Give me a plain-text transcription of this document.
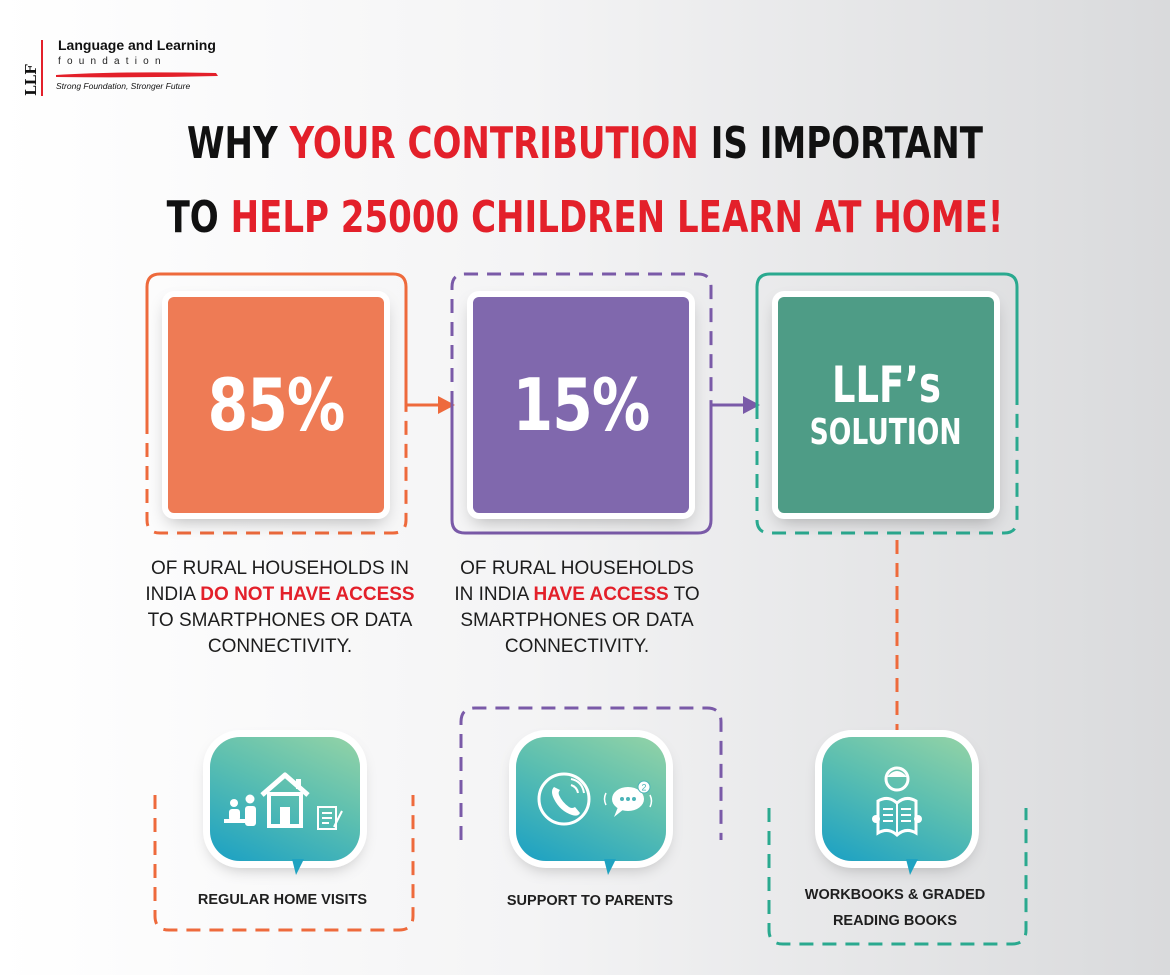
LLF
Language and Learning
foundation
Strong Foundation, Stronger Future
WHY YOUR CONTRIBUTION IS IMPORTANT
TO HELP 25000 CHILDREN LEARN AT HOME!
85% 15%	LLF’s
SOLUTION
OF RURAL HOUSEHOLDS IN
INDIA DO NOT HAVE ACCESS
TO SMARTPHONES OR DATA
CONNECTIVITY.
OF RURAL HOUSEHOLDS
IN INDIA HAVE ACCESS TO
SMARTPHONES OR DATA
CONNECTIVITY.
REGULAR HOME VISITS
2
SUPPORT TO PARENTS	WORKBOOKS & GRADED
READING BOOKS
